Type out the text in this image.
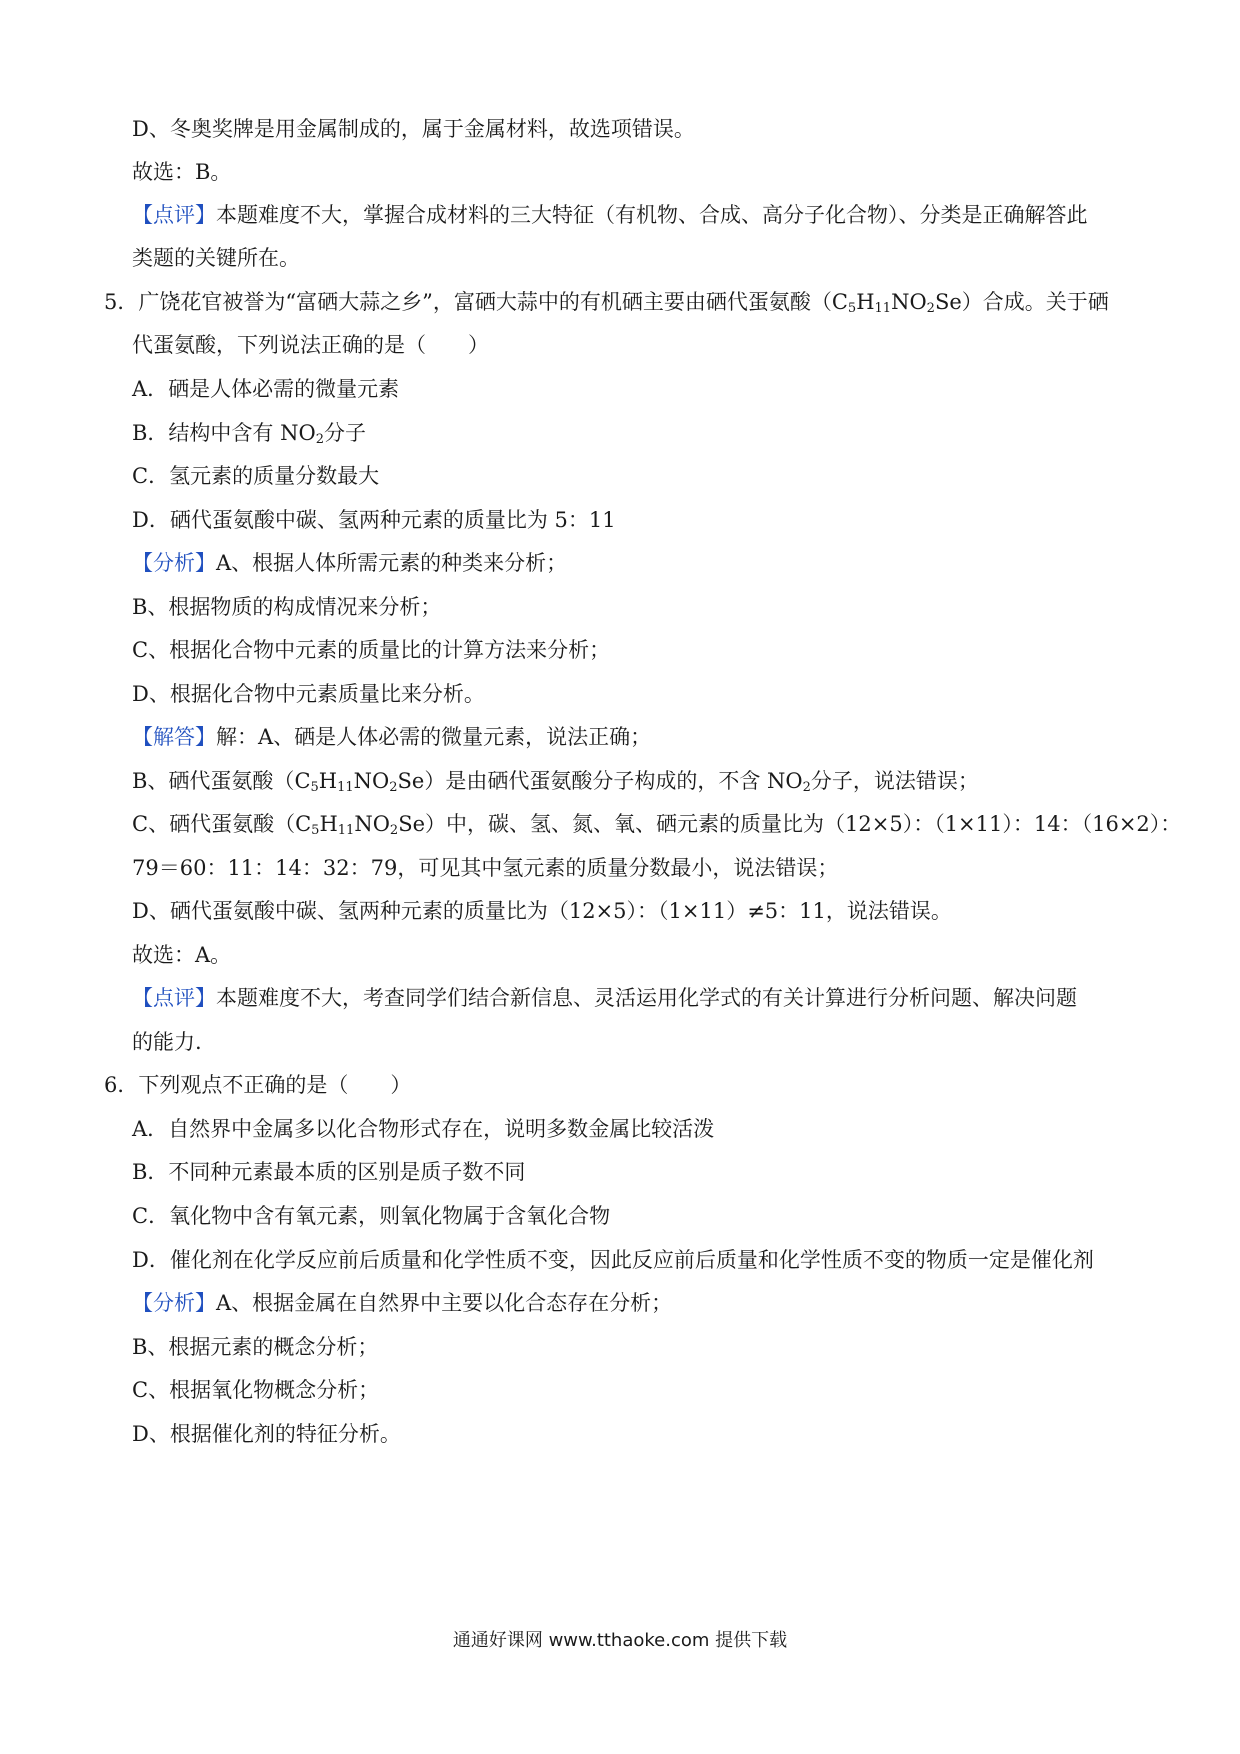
D、冬奥奖牌是用金属制成的，属于金属材料，故选项错误。
故选：B。
【点评】本题难度不大，掌握合成材料的三大特征（有机物、合成、高分子化合物）、分类是正确解答此
类题的关键所在。
5．广饶花官被誉为“富硒大蒜之乡”，富硒大蒜中的有机硒主要由硒代蛋氨酸$(C_5H_{11}NO_2Se)$合成。关于硒
代蛋氨酸，下列说法正确的是（　　）
A．硒是人体必需的微量元素
B．结构中含有 $NO_2$分子
C．氢元素的质量分数最大
D．硒代蛋氨酸中碳、氢两种元素的质量比为 5：11
【分析】A、根据人体所需元素的种类来分析；
B、根据物质的构成情况来分析；
C、根据化合物中元素的质量比的计算方法来分析；
D、根据化合物中元素质量比来分析。
【解答】解：A、硒是人体必需的微量元素，说法正确；
B、硒代蛋氨酸$(C_5H_{11}NO_2Se)$是由硒代蛋氨酸分子构成的，不含 $NO_2$分子，说法错误；
C、硒代蛋氨酸$(C_5H_{11}NO_2Se)$中，碳、氢、氮、氧、硒元素的质量比为（12×5）：（1×11）：14：（16×2）：
79＝60：11：14：32：79，可见其中氢元素的质量分数最小，说法错误；
D、硒代蛋氨酸中碳、氢两种元素的质量比为（12×5）：（1×11）≠5：11，说法错误。
故选：A。
【点评】本题难度不大，考查同学们结合新信息、灵活运用化学式的有关计算进行分析问题、解决问题
的能力.
6．下列观点不正确的是（　　）
A．自然界中金属多以化合物形式存在，说明多数金属比较活泼
B．不同种元素最本质的区别是质子数不同
C．氧化物中含有氧元素，则氧化物属于含氧化合物
D．催化剂在化学反应前后质量和化学性质不变，因此反应前后质量和化学性质不变的物质一定是催化剂
【分析】A、根据金属在自然界中主要以化合态存在分析；
B、根据元素的概念分析；
C、根据氧化物概念分析；
D、根据催化剂的特征分析。
通通好课网 www.tthaoke.com 提供下载
